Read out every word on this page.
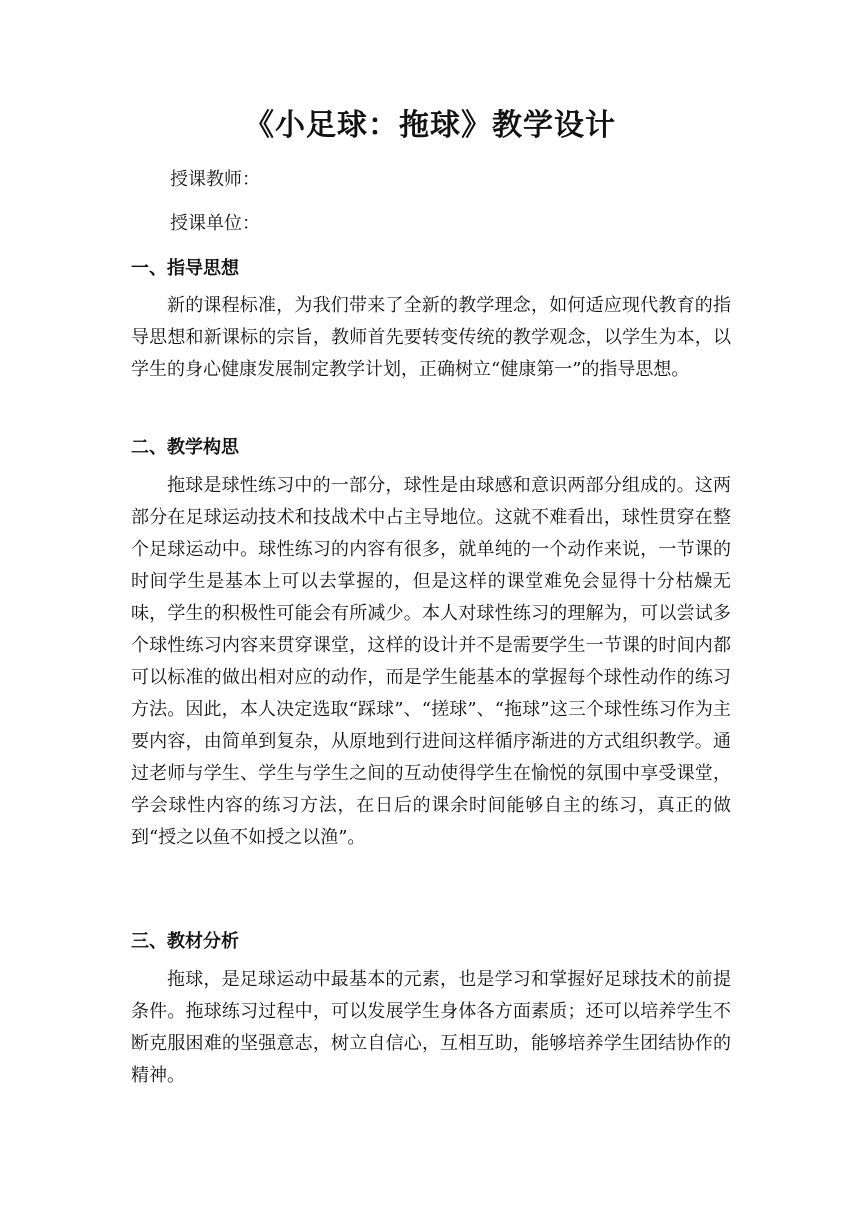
《小足球：拖球》教学设计

授课教师：

授课单位：

一、指导思想

新的课程标准，为我们带来了全新的教学理念，如何适应现代教育的指导思想和新课标的宗旨，教师首先要转变传统的教学观念，以学生为本，以学生的身心健康发展制定教学计划，正确树立“健康第一”的指导思想。

二、教学构思

拖球是球性练习中的一部分，球性是由球感和意识两部分组成的。这两部分在足球运动技术和技战术中占主导地位。这就不难看出，球性贯穿在整个足球运动中。球性练习的内容有很多，就单纯的一个动作来说，一节课的时间学生是基本上可以去掌握的，但是这样的课堂难免会显得十分枯燥无味，学生的积极性可能会有所减少。本人对球性练习的理解为，可以尝试多个球性练习内容来贯穿课堂，这样的设计并不是需要学生一节课的时间内都可以标准的做出相对应的动作，而是学生能基本的掌握每个球性动作的练习方法。因此，本人决定选取“踩球”、“搓球”、“拖球”这三个球性练习作为主要内容，由简单到复杂，从原地到行进间这样循序渐进的方式组织教学。通过老师与学生、学生与学生之间的互动使得学生在愉悦的氛围中享受课堂，学会球性内容的练习方法，在日后的课余时间能够自主的练习，真正的做到“授之以鱼不如授之以渔”。

三、教材分析

拖球，是足球运动中最基本的元素，也是学习和掌握好足球技术的前提条件。拖球练习过程中，可以发展学生身体各方面素质；还可以培养学生不断克服困难的坚强意志，树立自信心，互相互助，能够培养学生团结协作的精神。
